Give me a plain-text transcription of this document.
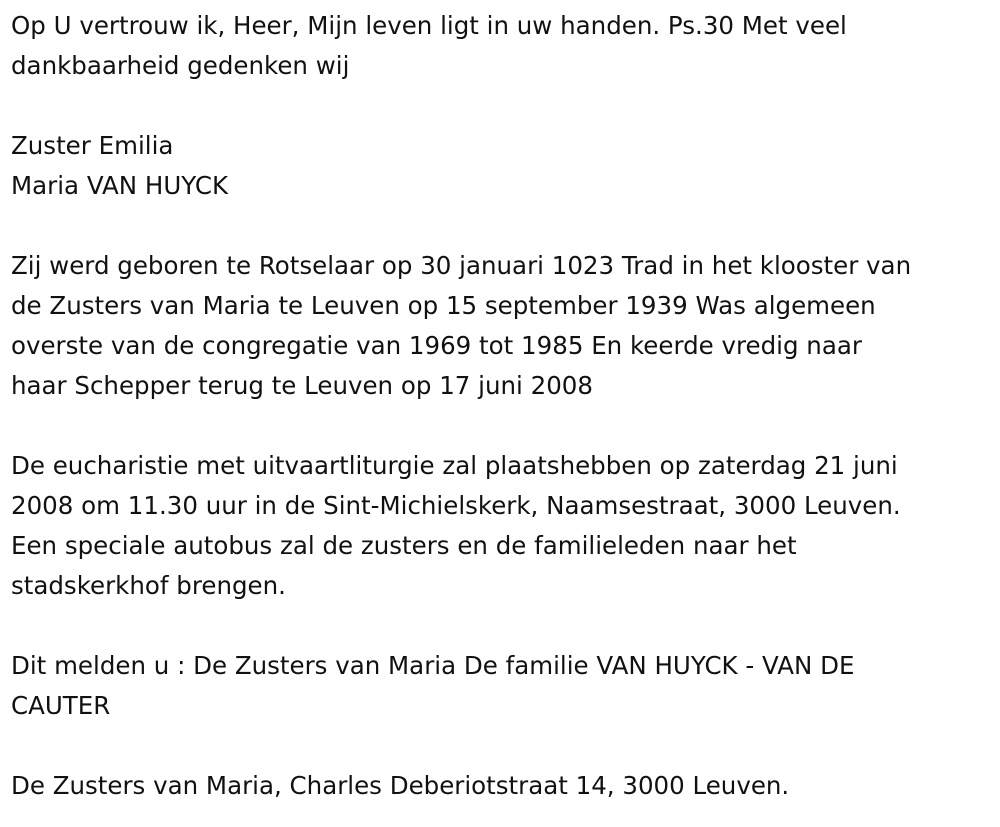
Op U vertrouw ik, Heer, Mijn leven ligt in uw handen. Ps.30 Met veel
dankbaarheid gedenken wij
Zuster Emilia
Maria VAN HUYCK
Zij werd geboren te Rotselaar op 30 januari 1023 Trad in het klooster van
de Zusters van Maria te Leuven op 15 september 1939 Was algemeen
overste van de congregatie van 1969 tot 1985 En keerde vredig naar
haar Schepper terug te Leuven op 17 juni 2008
De eucharistie met uitvaartliturgie zal plaatshebben op zaterdag 21 juni
2008 om 11.30 uur in de Sint-Michielskerk, Naamsestraat, 3000 Leuven.
Een speciale autobus zal de zusters en de familieleden naar het
stadskerkhof brengen.
Dit melden u : De Zusters van Maria De familie VAN HUYCK - VAN DE
CAUTER
De Zusters van Maria, Charles Deberiotstraat 14, 3000 Leuven.
